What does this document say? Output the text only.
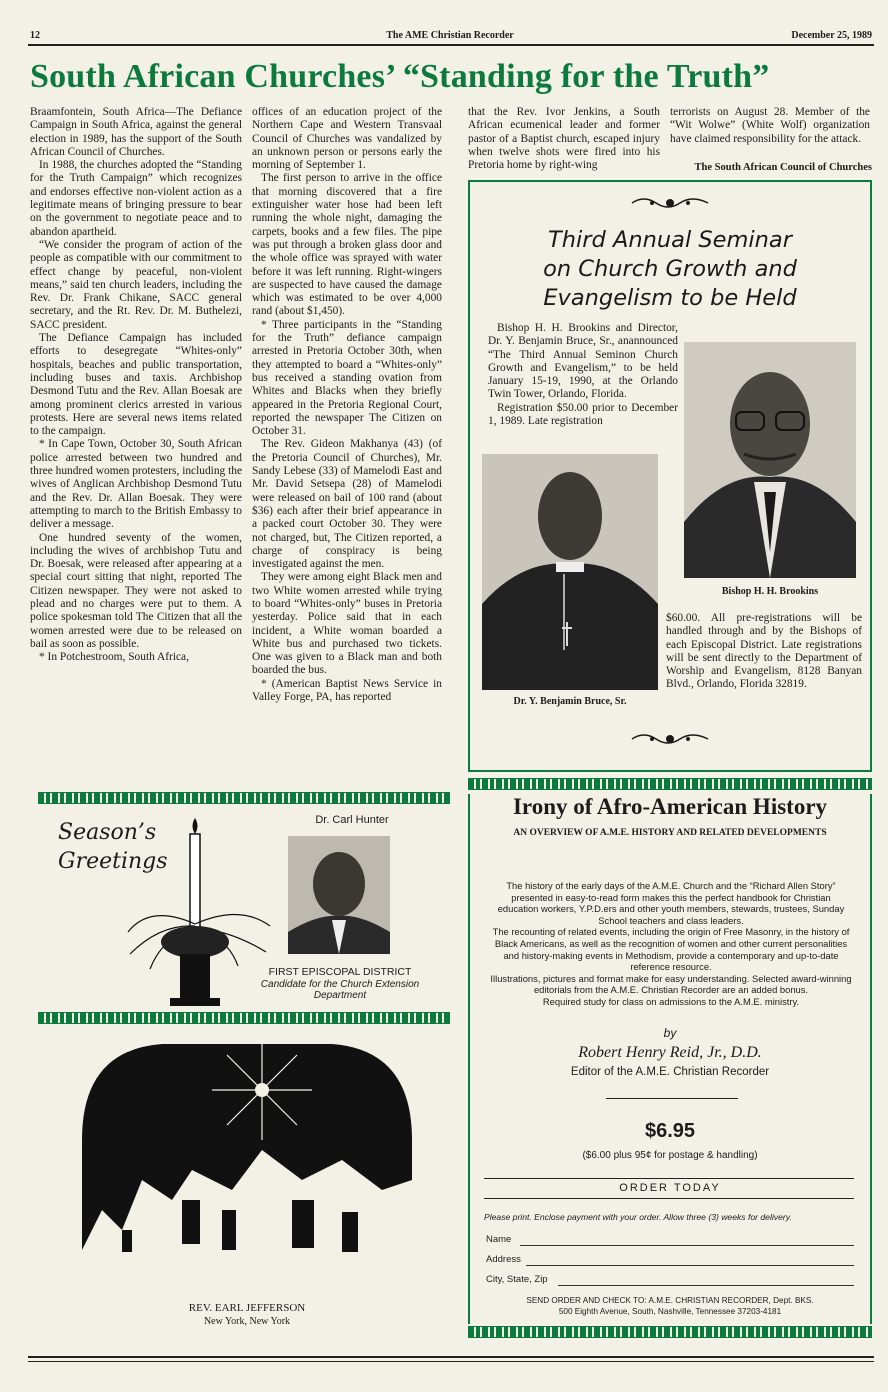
12	The AME Christian Recorder	December 25, 1989
South African Churches’ “Standing for the Truth”

Braamfontein, South Africa—The Defiance Campaign in South Africa, against the general election in 1989, has the support of the South African Council of Churches.

In 1988, the churches adopted the “Standing for the Truth Campaign” which recognizes and endorses effective non-violent action as a legitimate means of bringing pressure to bear on the government to negotiate peace and to abandon apartheid.

“We consider the program of action of the people as compatible with our commitment to effect change by peaceful, non-violent means,” said ten church leaders, including the Rev. Dr. Frank Chikane, SACC general secretary, and the Rt. Rev. Dr. M. Buthelezi, SACC president.

The Defiance Campaign has included efforts to desegregate “Whites-only” hospitals, beaches and public transportation, including buses and taxis. Archbishop Desmond Tutu and the Rev. Allan Boesak are among prominent clerics arrested in various protests. Here are several news items related to the campaign.

* In Cape Town, October 30, South African police arrested between two hundred and three hundred women protesters, including the wives of Anglican Archbishop Desmond Tutu and the Rev. Dr. Allan Boesak. They were attempting to march to the British Embassy to deliver a message.

One hundred seventy of the women, including the wives of archbishop Tutu and Dr. Boesak, were released after appearing at a special court sitting that night, reported The Citizen newspaper. They were not asked to plead and no charges were put to them. A police spokesman told The Citizen that all the women arrested were due to be released on bail as soon as possible.

* In Potchestroom, South Africa,

offices of an education project of the Northern Cape and Western Transvaal Council of Churches was vandalized by an unknown person or persons early the morning of September 1.

The first person to arrive in the office that morning discovered that a fire extinguisher water hose had been left running the whole night, damaging the carpets, books and a few files. The pipe was put through a broken glass door and the whole office was sprayed with water before it was left running. Right-wingers are suspected to have caused the damage which was estimated to be over 4,000 rand (about $1,450).

* Three participants in the “Standing for the Truth” defiance campaign arrested in Pretoria October 30th, when they attempted to board a “Whites-only” bus received a standing ovation from Whites and Blacks when they briefly appeared in the Pretoria Regional Court, reported the newspaper The Citizen on October 31.

The Rev. Gideon Makhanya (43) (of the Pretoria Council of Churches), Mr. Sandy Lebese (33) of Mamelodi East and Mr. David Setsepa (28) of Mamelodi were released on bail of 100 rand (about $36) each after their brief appearance in a packed court October 30. They were not charged, but, The Citizen reported, a charge of conspiracy is being investigated against the men.

They were among eight Black men and two White women arrested while trying to board “Whites-only” buses in Pretoria yesterday. Police said that in each incident, a White woman boarded a White bus and purchased two tickets. One was given to a Black man and both boarded the bus.

* (American Baptist News Service in Valley Forge, PA, has reported

that the Rev. Ivor Jenkins, a South African ecumenical leader and former pastor of a Baptist church, escaped injury when twelve shots were fired into his Pretoria home by right-wing

terrorists on August 28. Member of the “Wit Wolwe” (White Wolf) organization have claimed responsibility for the attack.

The South African Council of Churches
Third Annual Seminar
on Church Growth and
Evangelism to be Held

Bishop H. H. Brookins and Director, Dr. Y. Benjamin Bruce, Sr., anannounced “The Third Annual Seminon Church Growth and Evangelism,” to be held January 15-19, 1990, at the Orlando Twin Tower, Orlando, Florida.

Registration $50.00 prior to December 1, 1989. Late registration

Bishop H. H. Brookins
Dr. Y. Benjamin Bruce, Sr.

$60.00. All pre-registrations will be handled through and by the Bishops of each Episcopal District. Late registrations will be sent directly to the Department of Worship and Evangelism, 8128 Banyan Blvd., Orlando, Florida 32819.

Season’s
Greetings
Dr. Carl Hunter
FIRST EPISCOPAL DISTRICT
Candidate for the Church Extension Department
REV. EARL JEFFERSON
New York, New York
Irony of Afro-American History
AN OVERVIEW OF A.M.E. HISTORY AND RELATED DEVELOPMENTS
The history of the early days of the A.M.E. Church and the “Richard Allen Story” presented in easy-to-read form makes this the perfect handbook for Christian education workers, Y.P.D.ers and other youth members, stewards, trustees, Sunday School teachers and class leaders.
The recounting of related events, including the origin of Free Masonry, in the history of Black Americans, as well as the recognition of women and other current personalities and history-making events in Methodism, provide a contemporary and up-to-date reference resource.
Illustrations, pictures and format make for easy understanding. Selected award-winning editorials from the A.M.E. Christian Recorder are an added bonus.
Required study for class on admissions to the A.M.E. ministry.
by
Robert Henry Reid, Jr., D.D.
Editor of the A.M.E. Christian Recorder
$6.95
($6.00 plus 95¢ for postage & handling)
ORDER TODAY
Please print. Enclose payment with your order. Allow three (3) weeks for delivery.
Name
Address
City, State, Zip
SEND ORDER AND CHECK TO: A.M.E. CHRISTIAN RECORDER, Dept. BKS.
500 Eighth Avenue, South, Nashville, Tennessee 37203-4181
